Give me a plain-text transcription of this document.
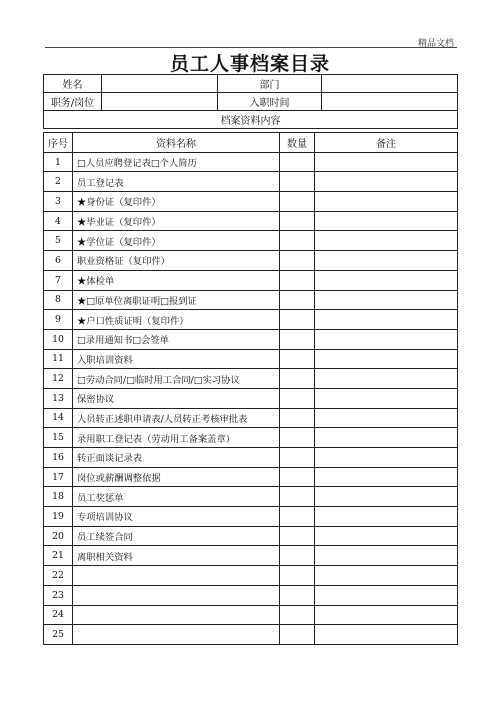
精品文档
员工人事档案目录
姓名		部门	
职务/岗位		入职时间	
档案资料内容			
序号	资料名称	数量	备注
1	□人员应聘登记表□个人简历		
2	员工登记表		
3	★身份证（复印件）		
4	★毕业证（复印件）		
5	★学位证（复印件）		
6	职业资格证（复印件）		
7	★体检单		
8	★□原单位离职证明□报到证		
9	★户口性质证明（复印件）		
10	□录用通知书□会签单		
11	入职培训资料		
12	□劳动合同/□临时用工合同/□实习协议		
13	保密协议		
14	人员转正述职申请表/人员转正考核审批表		
15	录用职工登记表（劳动用工备案盖章）		
16	转正面谈记录表		
17	岗位或薪酬调整依据		
18	员工奖惩单		
19	专项培训协议		
20	员工续签合同		
21	离职相关资料		
22			
23			
24			
25			
